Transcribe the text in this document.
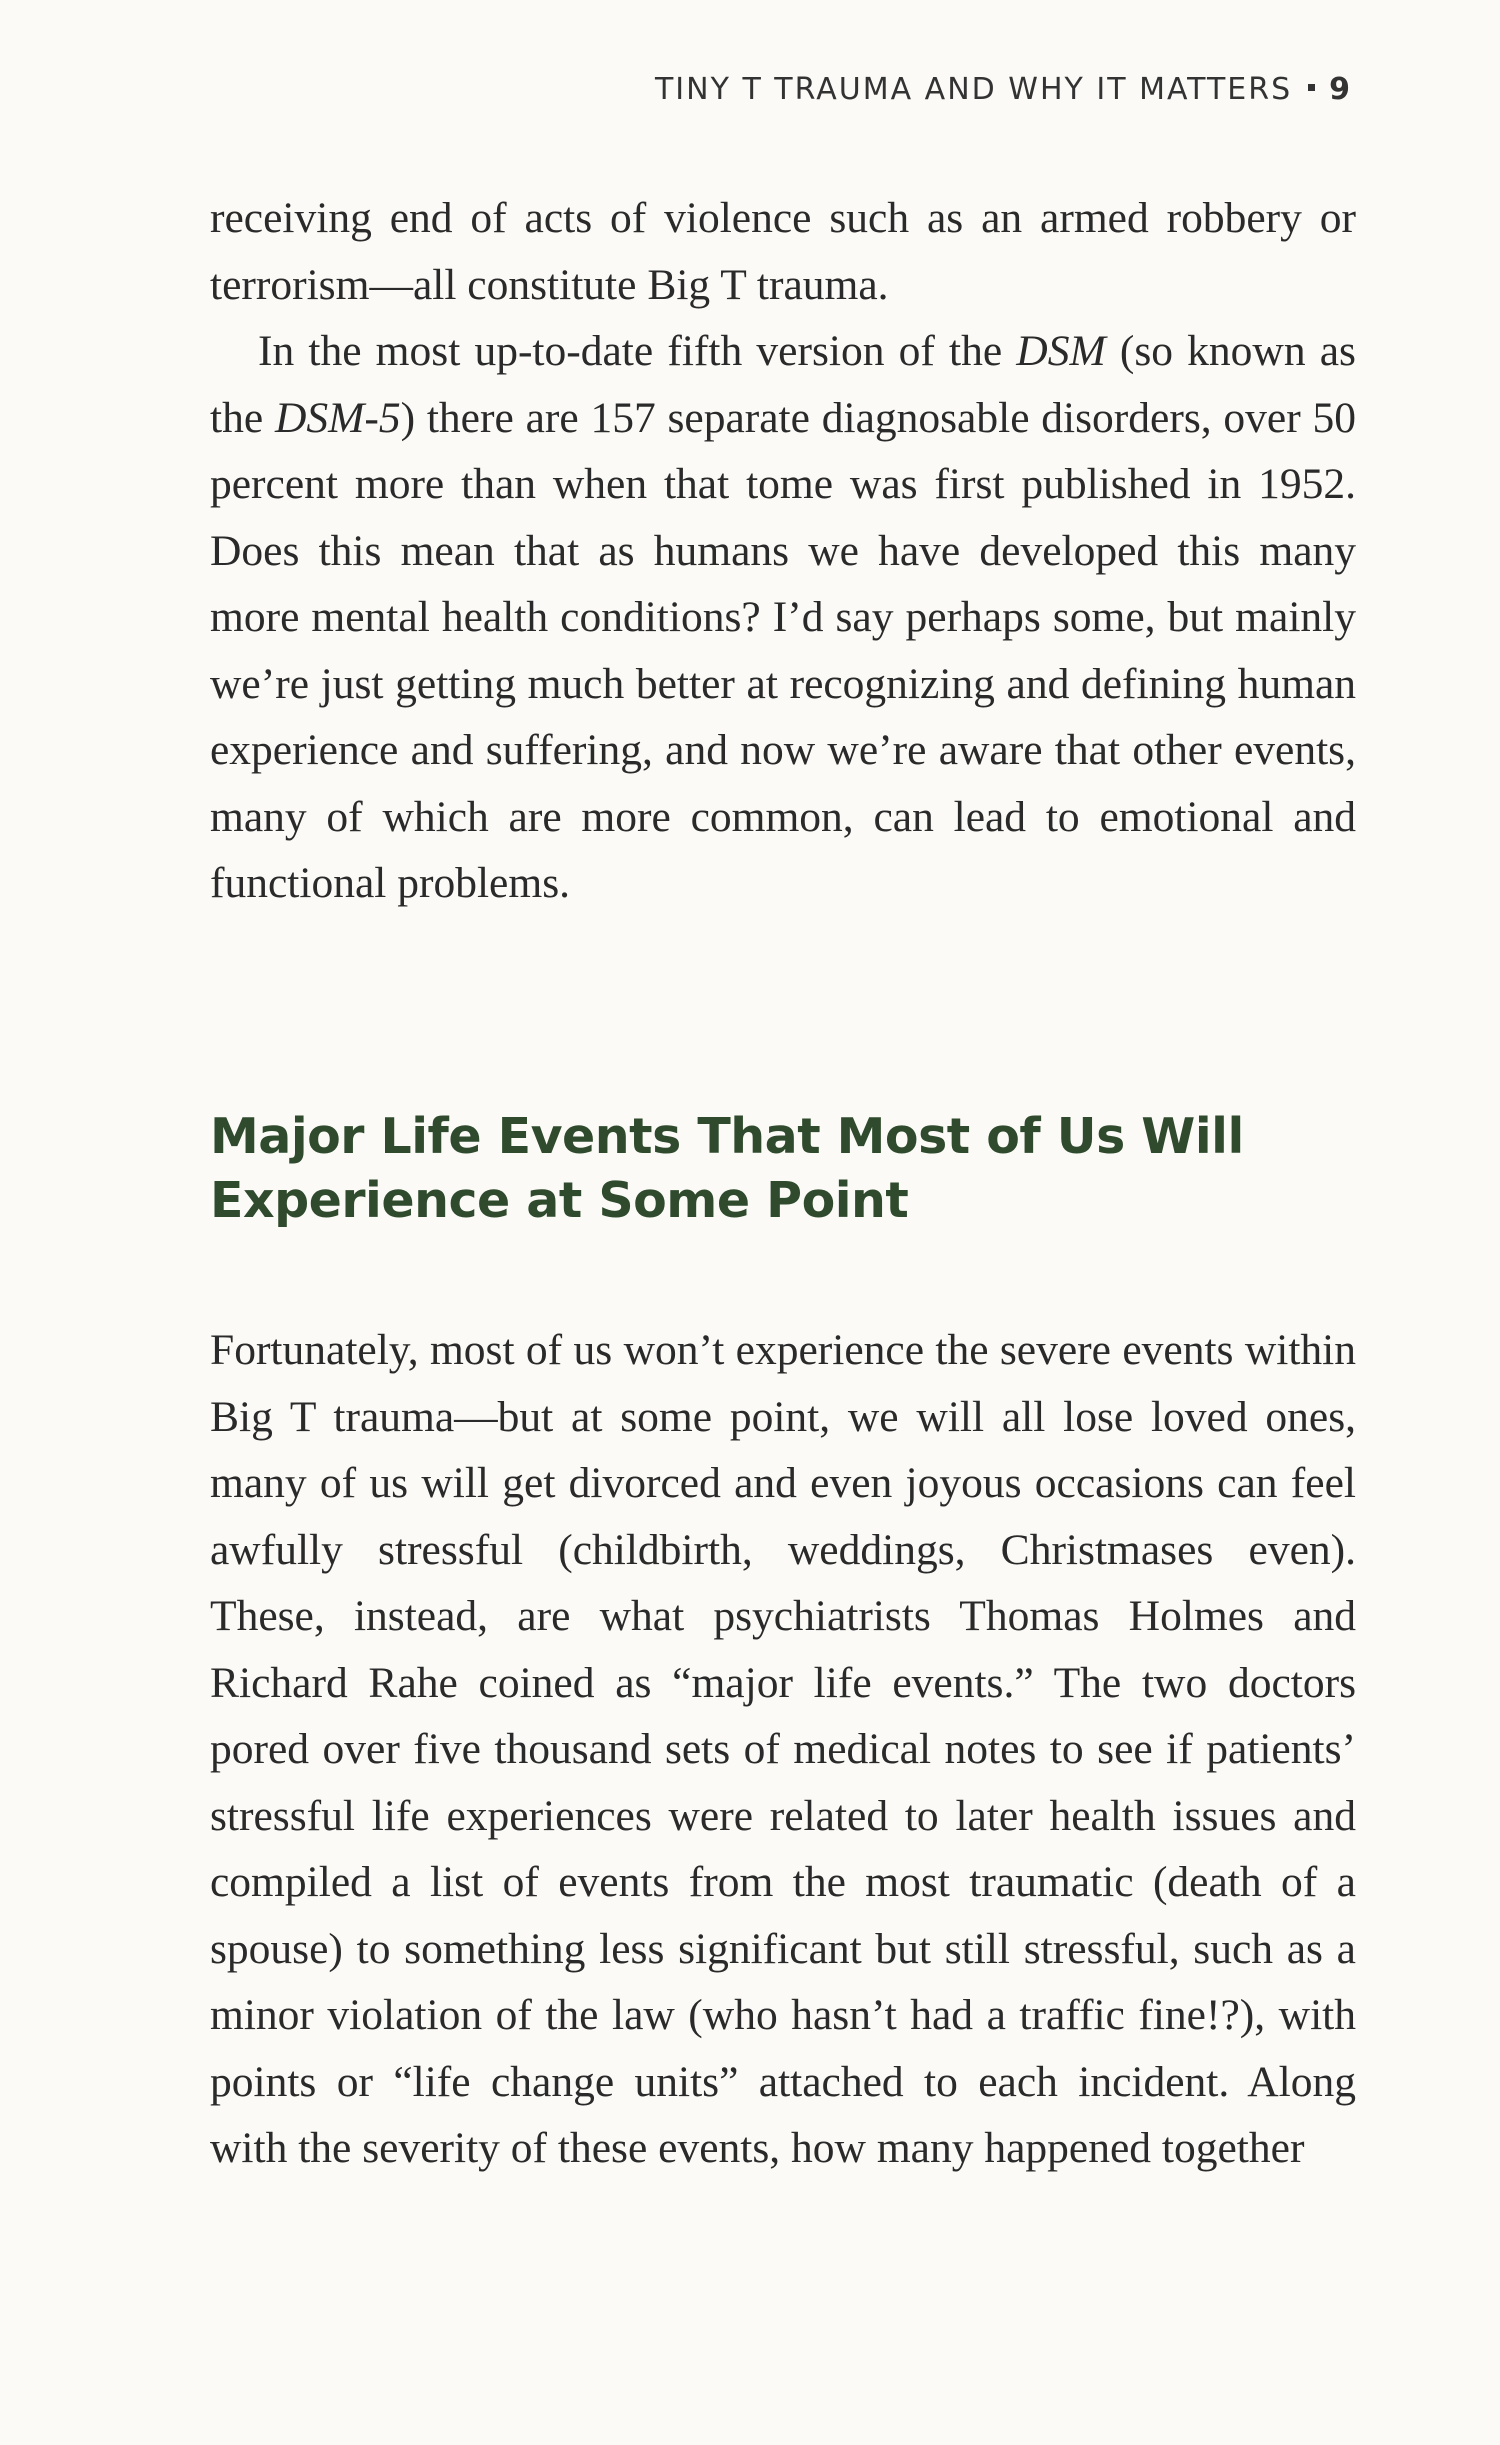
TINY T TRAUMA AND WHY IT MATTERS 9

receiving end of acts of violence such as an armed robbery or terrorism—all constitute Big T trauma.

In the most up-to-date fifth version of the DSM (so known as the DSM-5) there are 157 separate diagnosable disorders, over 50 percent more than when that tome was first published in 1952. Does this mean that as humans we have developed this many more mental health conditions? I’d say perhaps some, but mainly we’re just getting much better at recognizing and defining human experience and suffering, and now we’re aware that other events, many of which are more common, can lead to emotional and functional problems.

Major Life Events That Most of Us Will
Experience at Some Point

Fortunately, most of us won’t experience the severe events within Big T trauma—but at some point, we will all lose loved ones, many of us will get divorced and even joyous occasions can feel awfully stressful (childbirth, weddings, Christmases even). These, instead, are what psychiatrists Thomas Holmes and Richard Rahe coined as “major life events.” The two doctors pored over five thousand sets of medical notes to see if patients’ stressful life experiences were related to later health issues and compiled a list of events from the most traumatic (death of a spouse) to something less significant but still stressful, such as a minor violation of the law (who hasn’t had a traffic fine!?), with points or “life change units” attached to each incident. Along with the severity of these events, how many happened together
